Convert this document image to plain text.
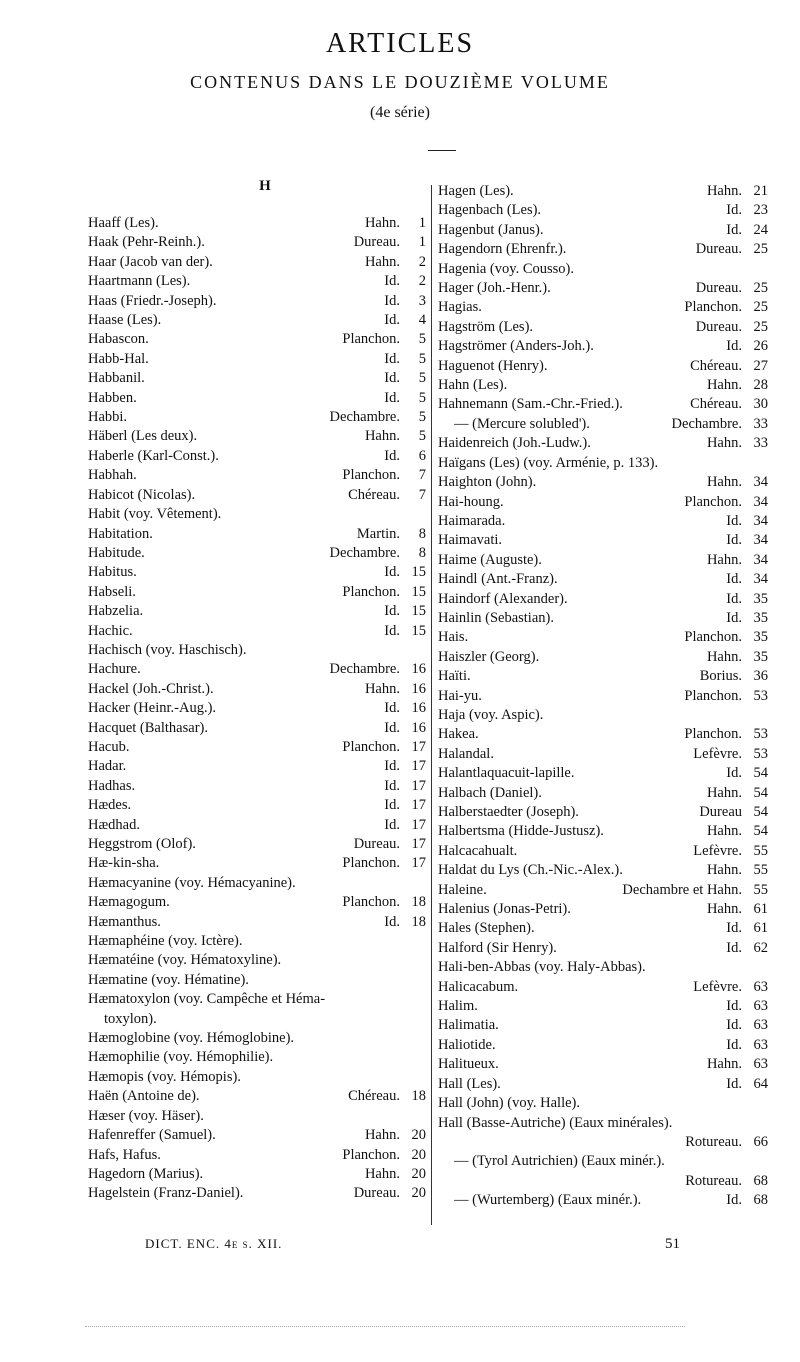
ARTICLES
CONTENUS DANS LE DOUZIÈME VOLUME
(4e série)
H
Haaff (Les).	Hahn.	1
Haak (Pehr-Reinh.).	Dureau.	1
Haar (Jacob van der).	Hahn.	2
Haartmann (Les).	Id.	2
Haas (Friedr.-Joseph).	Id.	3
Haase (Les).	Id.	4
Habascon.	Planchon.	5
Habb-Hal.	Id.	5
Habbanil.	Id.	5
Habben.	Id.	5
Habbi.	Dechambre.	5
Häberl (Les deux).	Hahn.	5
Haberle (Karl-Const.).	Id.	6
Habhah.	Planchon.	7
Habicot (Nicolas).	Chéreau.	7
Habit (voy. Vêtement).
Habitation.	Martin.	8
Habitude.	Dechambre.	8
Habitus.	Id. 15
Habseli.	Planchon. 15
Habzelia.	Id. 15
Hachic.	Id. 15
Hachisch (voy. Haschisch).
Hachure.	Dechambre. 16
Hackel (Joh.-Christ.).	Hahn. 16
Hacker (Heinr.-Aug.).	Id. 16
Hacquet (Balthasar).	Id. 16
Hacub.	Planchon. 17
Hadar.	Id. 17
Hadhas.	Id. 17
Hædes.	Id. 17
Hædhad.	Id. 17
Heggstrom (Olof).	Dureau. 17
Hæ-kin-sha.	Planchon. 17
Hæmacyanine (voy. Hémacyanine).
Hæmagogum.	Planchon. 18
Hæmanthus.	Id. 18
Hæmaphéine (voy. Ictère).
Hæmatéine (voy. Hématoxyline).
Hæmatine (voy. Hématine).
Hæmatoxylon (voy. Campêche et Héma-
toxylon).
Hæmoglobine (voy. Hémoglobine).
Hæmophilie (voy. Hémophilie).
Hæmopis (voy. Hémopis).
Haën (Antoine de).	Chéreau. 18
Hæser (voy. Häser).
Hafenreffer (Samuel).	Hahn. 20
Hafs, Hafus.	Planchon. 20
Hagedorn (Marius).	Hahn. 20
Hagelstein (Franz-Daniel).	Dureau. 20
Hagen (Les).	Hahn. 21
Hagenbach (Les).	Id. 23
Hagenbut (Janus).	Id. 24
Hagendorn (Ehrenfr.).	Dureau. 25
Hagenia (voy. Cousso).
Hager (Joh.-Henr.).	Dureau. 25
Hagias.	Planchon. 25
Hagström (Les).	Dureau. 25
Hagströmer (Anders-Joh.).	Id. 26
Haguenot (Henry).	Chéreau. 27
Hahn (Les).	Hahn. 28
Hahnemann (Sam.-Chr.-Fried.).	Chéreau. 30
— (Mercure solubled').	Dechambre. 33
Haidenreich (Joh.-Ludw.).	Hahn. 33
Haïgans (Les) (voy. Arménie, p. 133).
Haighton (John).	Hahn. 34
Hai-houng.	Planchon. 34
Haimarada.	Id. 34
Haimavati.	Id. 34
Haime (Auguste).	Hahn. 34
Haindl (Ant.-Franz).	Id. 34
Haindorf (Alexander).	Id. 35
Hainlin (Sebastian).	Id. 35
Hais.	Planchon. 35
Haiszler (Georg).	Hahn. 35
Haïti.	Borius. 36
Hai-yu.	Planchon. 53
Haja (voy. Aspic).
Hakea.	Planchon. 53
Halandal.	Lefèvre. 53
Halantlaquacuit-lapille.	Id. 54
Halbach (Daniel).	Hahn. 54
Halberstaedter (Joseph).	Dureau 54
Halbertsma (Hidde-Justusz).	Hahn. 54
Halcacahualt.	Lefèvre. 55
Haldat du Lys (Ch.-Nic.-Alex.).	Hahn. 55
Haleine.	Dechambre et Hahn. 55
Halenius (Jonas-Petri).	Hahn. 61
Hales (Stephen).	Id. 61
Halford (Sir Henry).	Id. 62
Hali-ben-Abbas (voy. Haly-Abbas).
Halicacabum.	Lefèvre. 63
Halim.	Id. 63
Halimatia.	Id. 63
Haliotide.	Id. 63
Halitueux.	Hahn. 63
Hall (Les).	Id. 64
Hall (John) (voy. Halle).
Hall (Basse-Autriche) (Eaux minérales).
Rotureau. 66
— (Tyrol Autrichien) (Eaux minér.).
Rotureau. 68
— (Wurtemberg) (Eaux minér.).	Id. 68
DICT. ENC. 4e s. XII.	51
